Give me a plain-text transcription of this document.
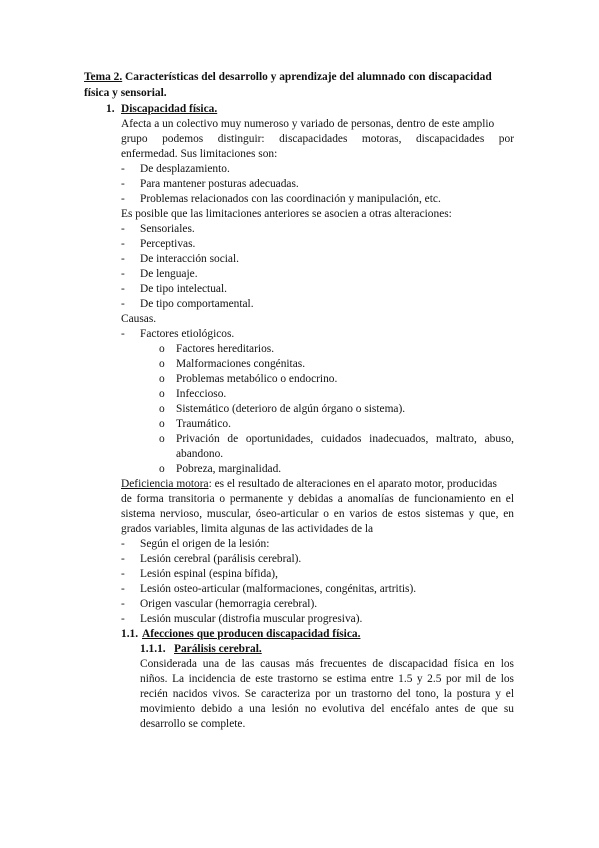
Tema 2. Características del desarrollo y aprendizaje del alumnado con discapacidad
física y sensorial.
1. Discapacidad física.
Afecta a un colectivo muy numeroso y variado de personas, dentro de este amplio
grupo podemos distinguir: discapacidades motoras, discapacidades por
enfermedad. Sus limitaciones son:
- De desplazamiento.
- Para mantener posturas adecuadas.
- Problemas relacionados con las coordinación y manipulación, etc.
Es posible que las limitaciones anteriores se asocien a otras alteraciones:
- Sensoriales.
- Perceptivas.
- De interacción social.
- De lenguaje.
- De tipo intelectual.
- De tipo comportamental.
Causas.
- Factores etiológicos.
o Factores hereditarios.
o Malformaciones congénitas.
o Problemas metabólico o endocrino.
o Infeccioso.
o Sistemático (deterioro de algún órgano o sistema).
o Traumático.
o Privación de oportunidades, cuidados inadecuados, maltrato, abuso,
abandono.
o Pobreza, marginalidad.
Deficiencia motora: es el resultado de alteraciones en el aparato motor, producidas
de forma transitoria o permanente y debidas a anomalías de funcionamiento en el
sistema nervioso, muscular, óseo-articular o en varios de estos sistemas y que, en
grados variables, limita algunas de las actividades de la
- Según el origen de la lesión:
- Lesión cerebral (parálisis cerebral).
- Lesión espinal (espina bífida),
- Lesión osteo-articular (malformaciones, congénitas, artritis).
- Origen vascular (hemorragia cerebral).
- Lesión muscular (distrofia muscular progresiva).
1.1. Afecciones que producen discapacidad física.
1.1.1. Parálisis cerebral.
Considerada una de las causas más frecuentes de discapacidad física en los
niños. La incidencia de este trastorno se estima entre 1.5 y 2.5 por mil de los
recién nacidos vivos. Se caracteriza por un trastorno del tono, la postura y el
movimiento debido a una lesión no evolutiva del encéfalo antes de que su
desarrollo se complete.
